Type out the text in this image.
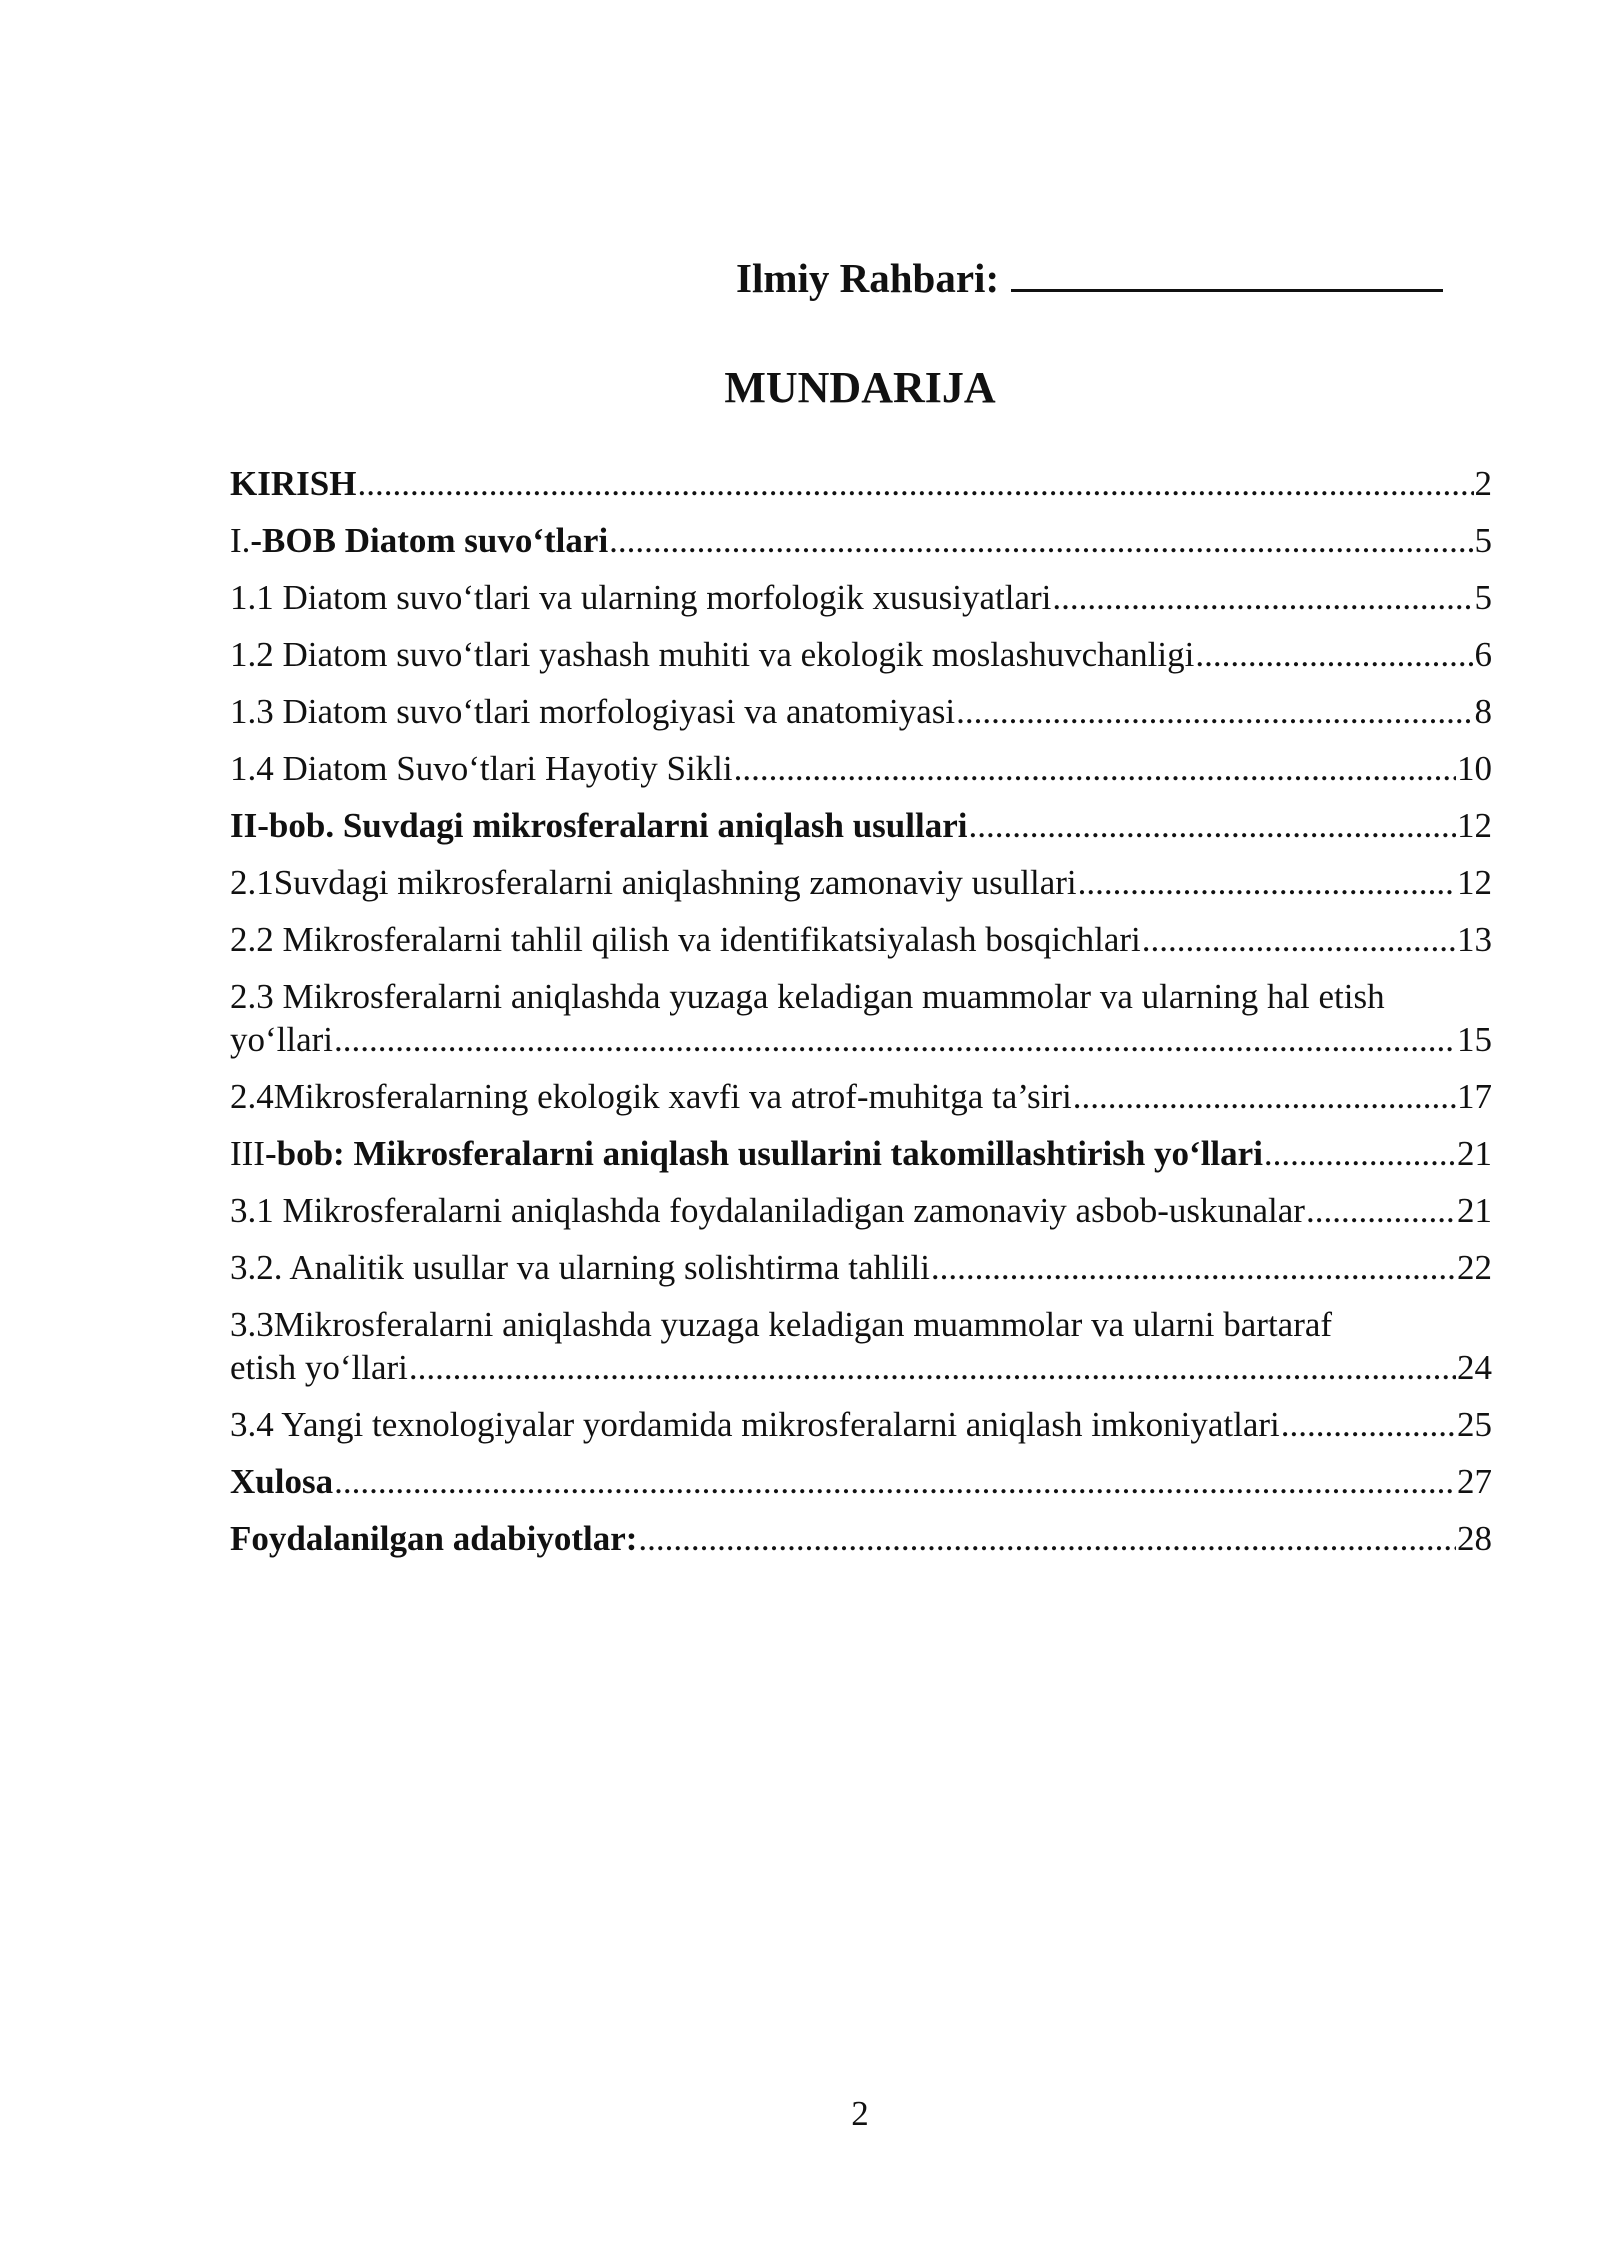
Ilmiy Rahbari:
MUNDARIJA
KIRISH .....	2
I.-BOB Diatom suvo‘tlari .....	5
1.1 Diatom suvo‘tlari va ularning morfologik xususiyatlari .....	5
1.2 Diatom suvo‘tlari yashash muhiti va ekologik moslashuvchanligi .....	6
1.3 Diatom suvo‘tlari morfologiyasi va anatomiyasi .....	8
1.4 Diatom Suvo‘tlari Hayotiy Sikli .....	10
II-bob. Suvdagi mikrosferalarni aniqlash usullari .....	12
2.1Suvdagi mikrosferalarni aniqlashning zamonaviy usullari .....	12
2.2 Mikrosferalarni tahlil qilish va identifikatsiyalash bosqichlari .....	13
2.3 Mikrosferalarni aniqlashda yuzaga keladigan muammolar va ularning hal etish
yo‘llari .....	15
2.4Mikrosferalarning ekologik xavfi va atrof-muhitga ta’siri .....	17
III-bob: Mikrosferalarni aniqlash usullarini takomillashtirish yo‘llari .....	21
3.1 Mikrosferalarni aniqlashda foydalaniladigan zamonaviy asbob-uskunalar .....	21
3.2. Analitik usullar va ularning solishtirma tahlili .....	22
3.3Mikrosferalarni aniqlashda yuzaga keladigan muammolar va ularni bartaraf
etish yo‘llari .....	24
3.4 Yangi texnologiyalar yordamida mikrosferalarni aniqlash imkoniyatlari .....	25
Xulosa .....	27
Foydalanilgan adabiyotlar: .....	28
2
